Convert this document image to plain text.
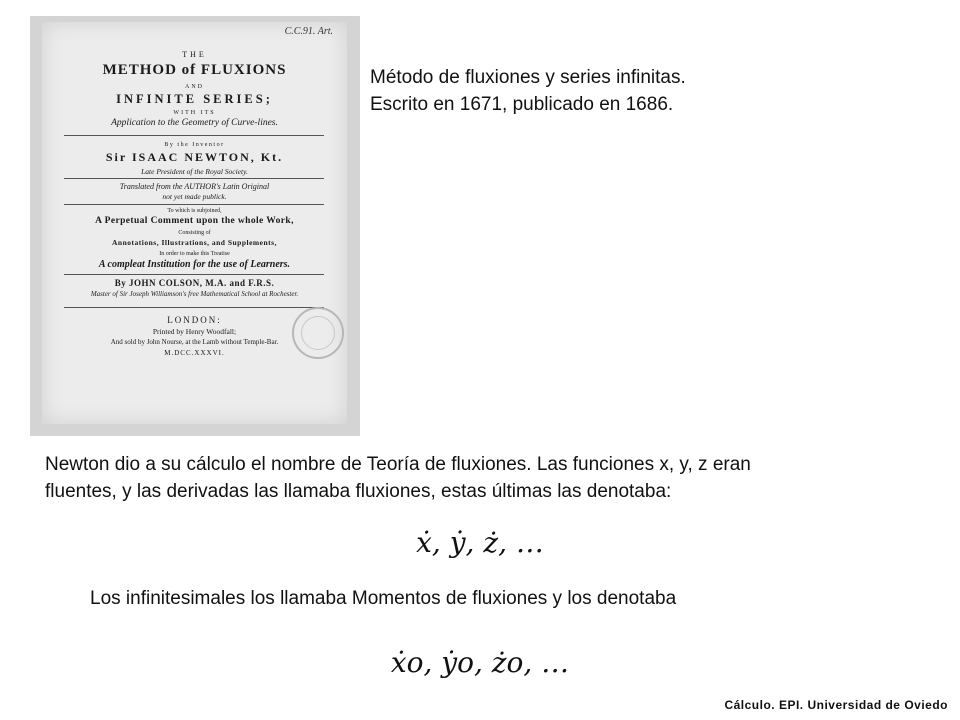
C.C.91. Art.
THE
METHOD of FLUXIONS
AND
INFINITE SERIES;
WITH ITS
Application to the Geometry of Curve-lines.
By the Inventor
Sir ISAAC NEWTON, Kt.
Late President of the Royal Society.
Translated from the AUTHOR's Latin Original
not yet made publick.
To which is subjoined,
A Perpetual Comment upon the whole Work,
Consisting of
Annotations, Illustrations, and Supplements,
In order to make this Treatise
A compleat Institution for the use of Learners.
By JOHN COLSON, M.A. and F.R.S.
Master of Sir Joseph Williamson's free Mathematical School at Rochester.
LONDON:
Printed by Henry Woodfall;
And sold by John Nourse, at the Lamb without Temple-Bar.
M.DCC.XXXVI.
Método de fluxiones y series infinitas.
Escrito en 1671, publicado en 1686.
Newton dio a su cálculo el nombre de Teoría de fluxiones. Las funciones x, y, z eran
fluentes, y las derivadas las llamaba fluxiones, estas últimas las denotaba:
ẋ, ẏ, ż, …
Los infinitesimales los llamaba Momentos de fluxiones y los denotaba
ẋo, ẏo, żo, …
Cálculo. EPI. Universidad de Oviedo
